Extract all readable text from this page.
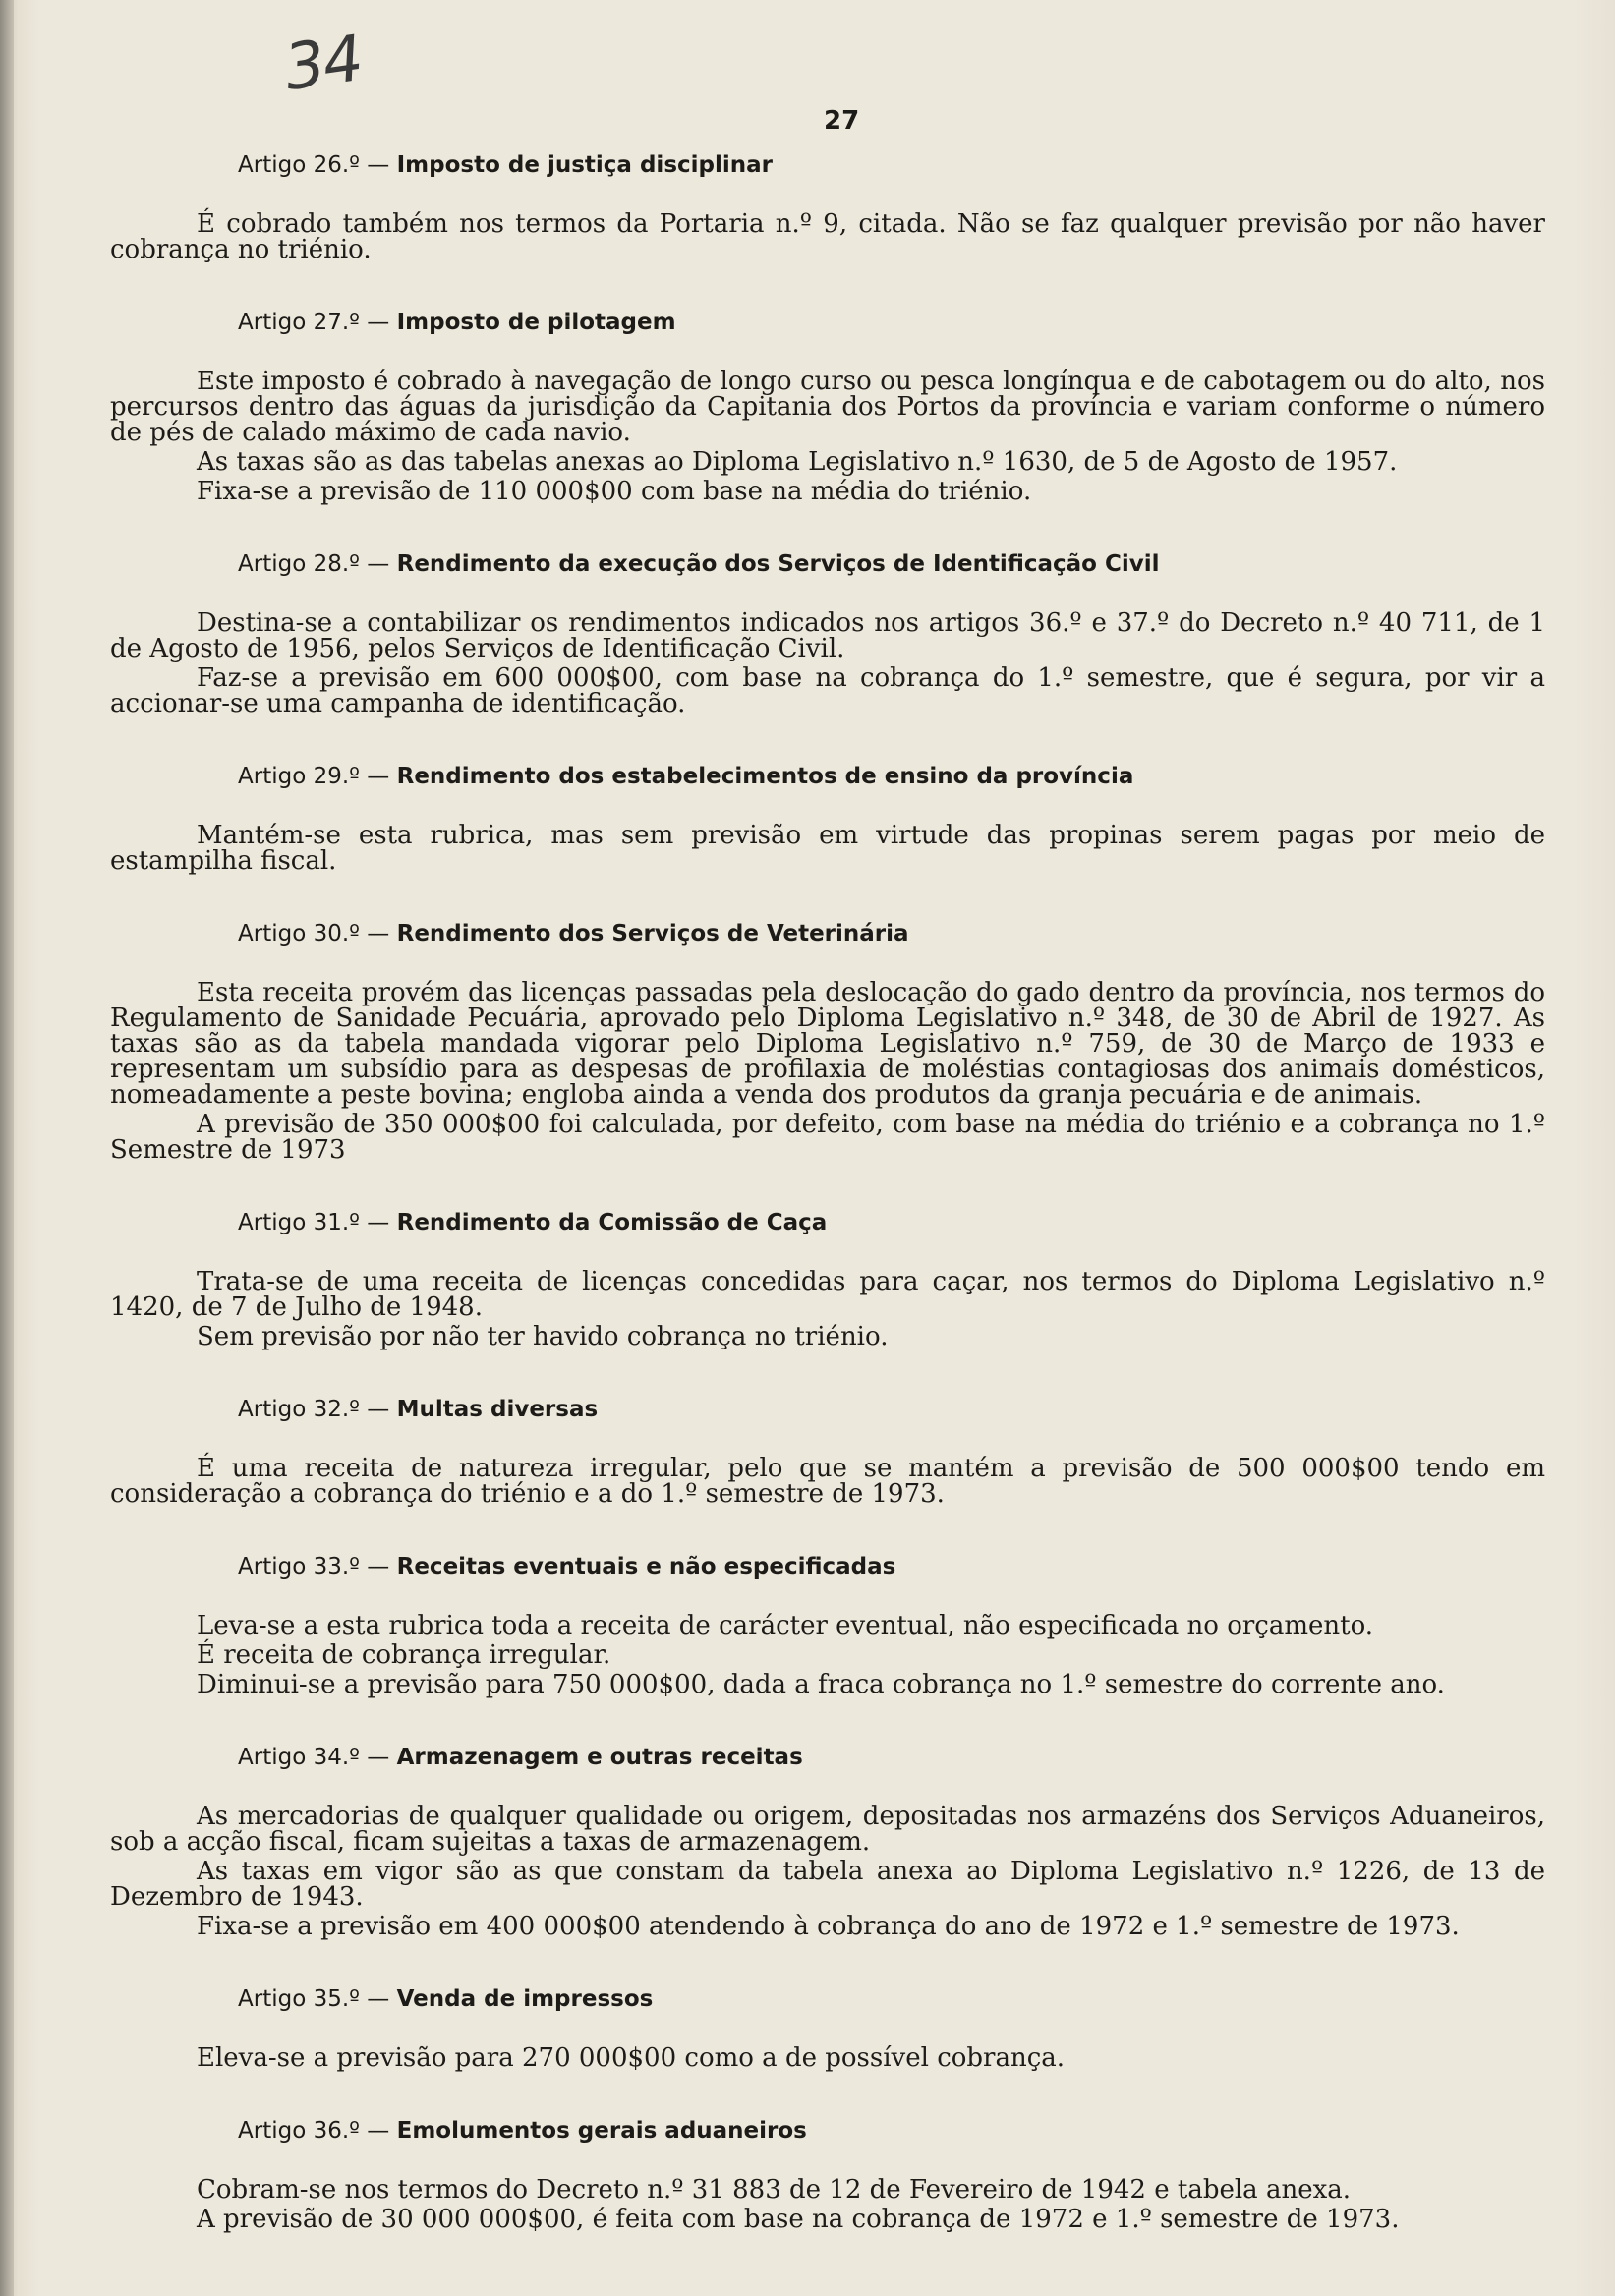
34
27
Artigo 26.º — Imposto de justiça disciplinar

É cobrado também nos termos da Portaria n.º 9, citada. Não se faz qualquer previsão por não haver cobrança no triénio.

Artigo 27.º — Imposto de pilotagem

Este imposto é cobrado à navegação de longo curso ou pesca longínqua e de cabotagem ou do alto, nos percursos dentro das águas da jurisdição da Capitania dos Portos da província e variam conforme o número de pés de calado máximo de cada navio.

As taxas são as das tabelas anexas ao Diploma Legislativo n.º 1630, de 5 de Agosto de 1957.

Fixa-se a previsão de 110 000$00 com base na média do triénio.

Artigo 28.º — Rendimento da execução dos Serviços de Identificação Civil

Destina-se a contabilizar os rendimentos indicados nos artigos 36.º e 37.º do Decreto n.º 40 711, de 1 de Agosto de 1956, pelos Serviços de Identificação Civil.

Faz-se a previsão em 600 000$00, com base na cobrança do 1.º semestre, que é segura, por vir a accionar-se uma campanha de identificação.

Artigo 29.º — Rendimento dos estabelecimentos de ensino da província

Mantém-se esta rubrica, mas sem previsão em virtude das propinas serem pagas por meio de estampilha fiscal.

Artigo 30.º — Rendimento dos Serviços de Veterinária

Esta receita provém das licenças passadas pela deslocação do gado dentro da província, nos termos do Regulamento de Sanidade Pecuária, aprovado pelo Diploma Legislativo n.º 348, de 30 de Abril de 1927. As taxas são as da tabela mandada vigorar pelo Diploma Legislativo n.º 759, de 30 de Março de 1933 e representam um subsídio para as despesas de profilaxia de moléstias contagiosas dos animais domésticos, nomeadamente a peste bovina; engloba ainda a venda dos produtos da granja pecuária e de animais.

A previsão de 350 000$00 foi calculada, por defeito, com base na média do triénio e a cobrança no 1.º Semestre de 1973

Artigo 31.º — Rendimento da Comissão de Caça

Trata-se de uma receita de licenças concedidas para caçar, nos termos do Diploma Legislativo n.º 1420, de 7 de Julho de 1948.

Sem previsão por não ter havido cobrança no triénio.

Artigo 32.º — Multas diversas

É uma receita de natureza irregular, pelo que se mantém a previsão de 500 000$00 tendo em consideração a cobrança do triénio e a do 1.º semestre de 1973.

Artigo 33.º — Receitas eventuais e não especificadas

Leva-se a esta rubrica toda a receita de carácter eventual, não especificada no orçamento.

É receita de cobrança irregular.

Diminui-se a previsão para 750 000$00, dada a fraca cobrança no 1.º semestre do corrente ano.

Artigo 34.º — Armazenagem e outras receitas

As mercadorias de qualquer qualidade ou origem, depositadas nos armazéns dos Serviços Aduaneiros, sob a acção fiscal, ficam sujeitas a taxas de armazenagem.

As taxas em vigor são as que constam da tabela anexa ao Diploma Legislativo n.º 1226, de 13 de Dezembro de 1943.

Fixa-se a previsão em 400 000$00 atendendo à cobrança do ano de 1972 e 1.º semestre de 1973.

Artigo 35.º — Venda de impressos

Eleva-se a previsão para 270 000$00 como a de possível cobrança.

Artigo 36.º — Emolumentos gerais aduaneiros

Cobram-se nos termos do Decreto n.º 31 883 de 12 de Fevereiro de 1942 e tabela anexa.

A previsão de 30 000 000$00, é feita com base na cobrança de 1972 e 1.º semestre de 1973.
